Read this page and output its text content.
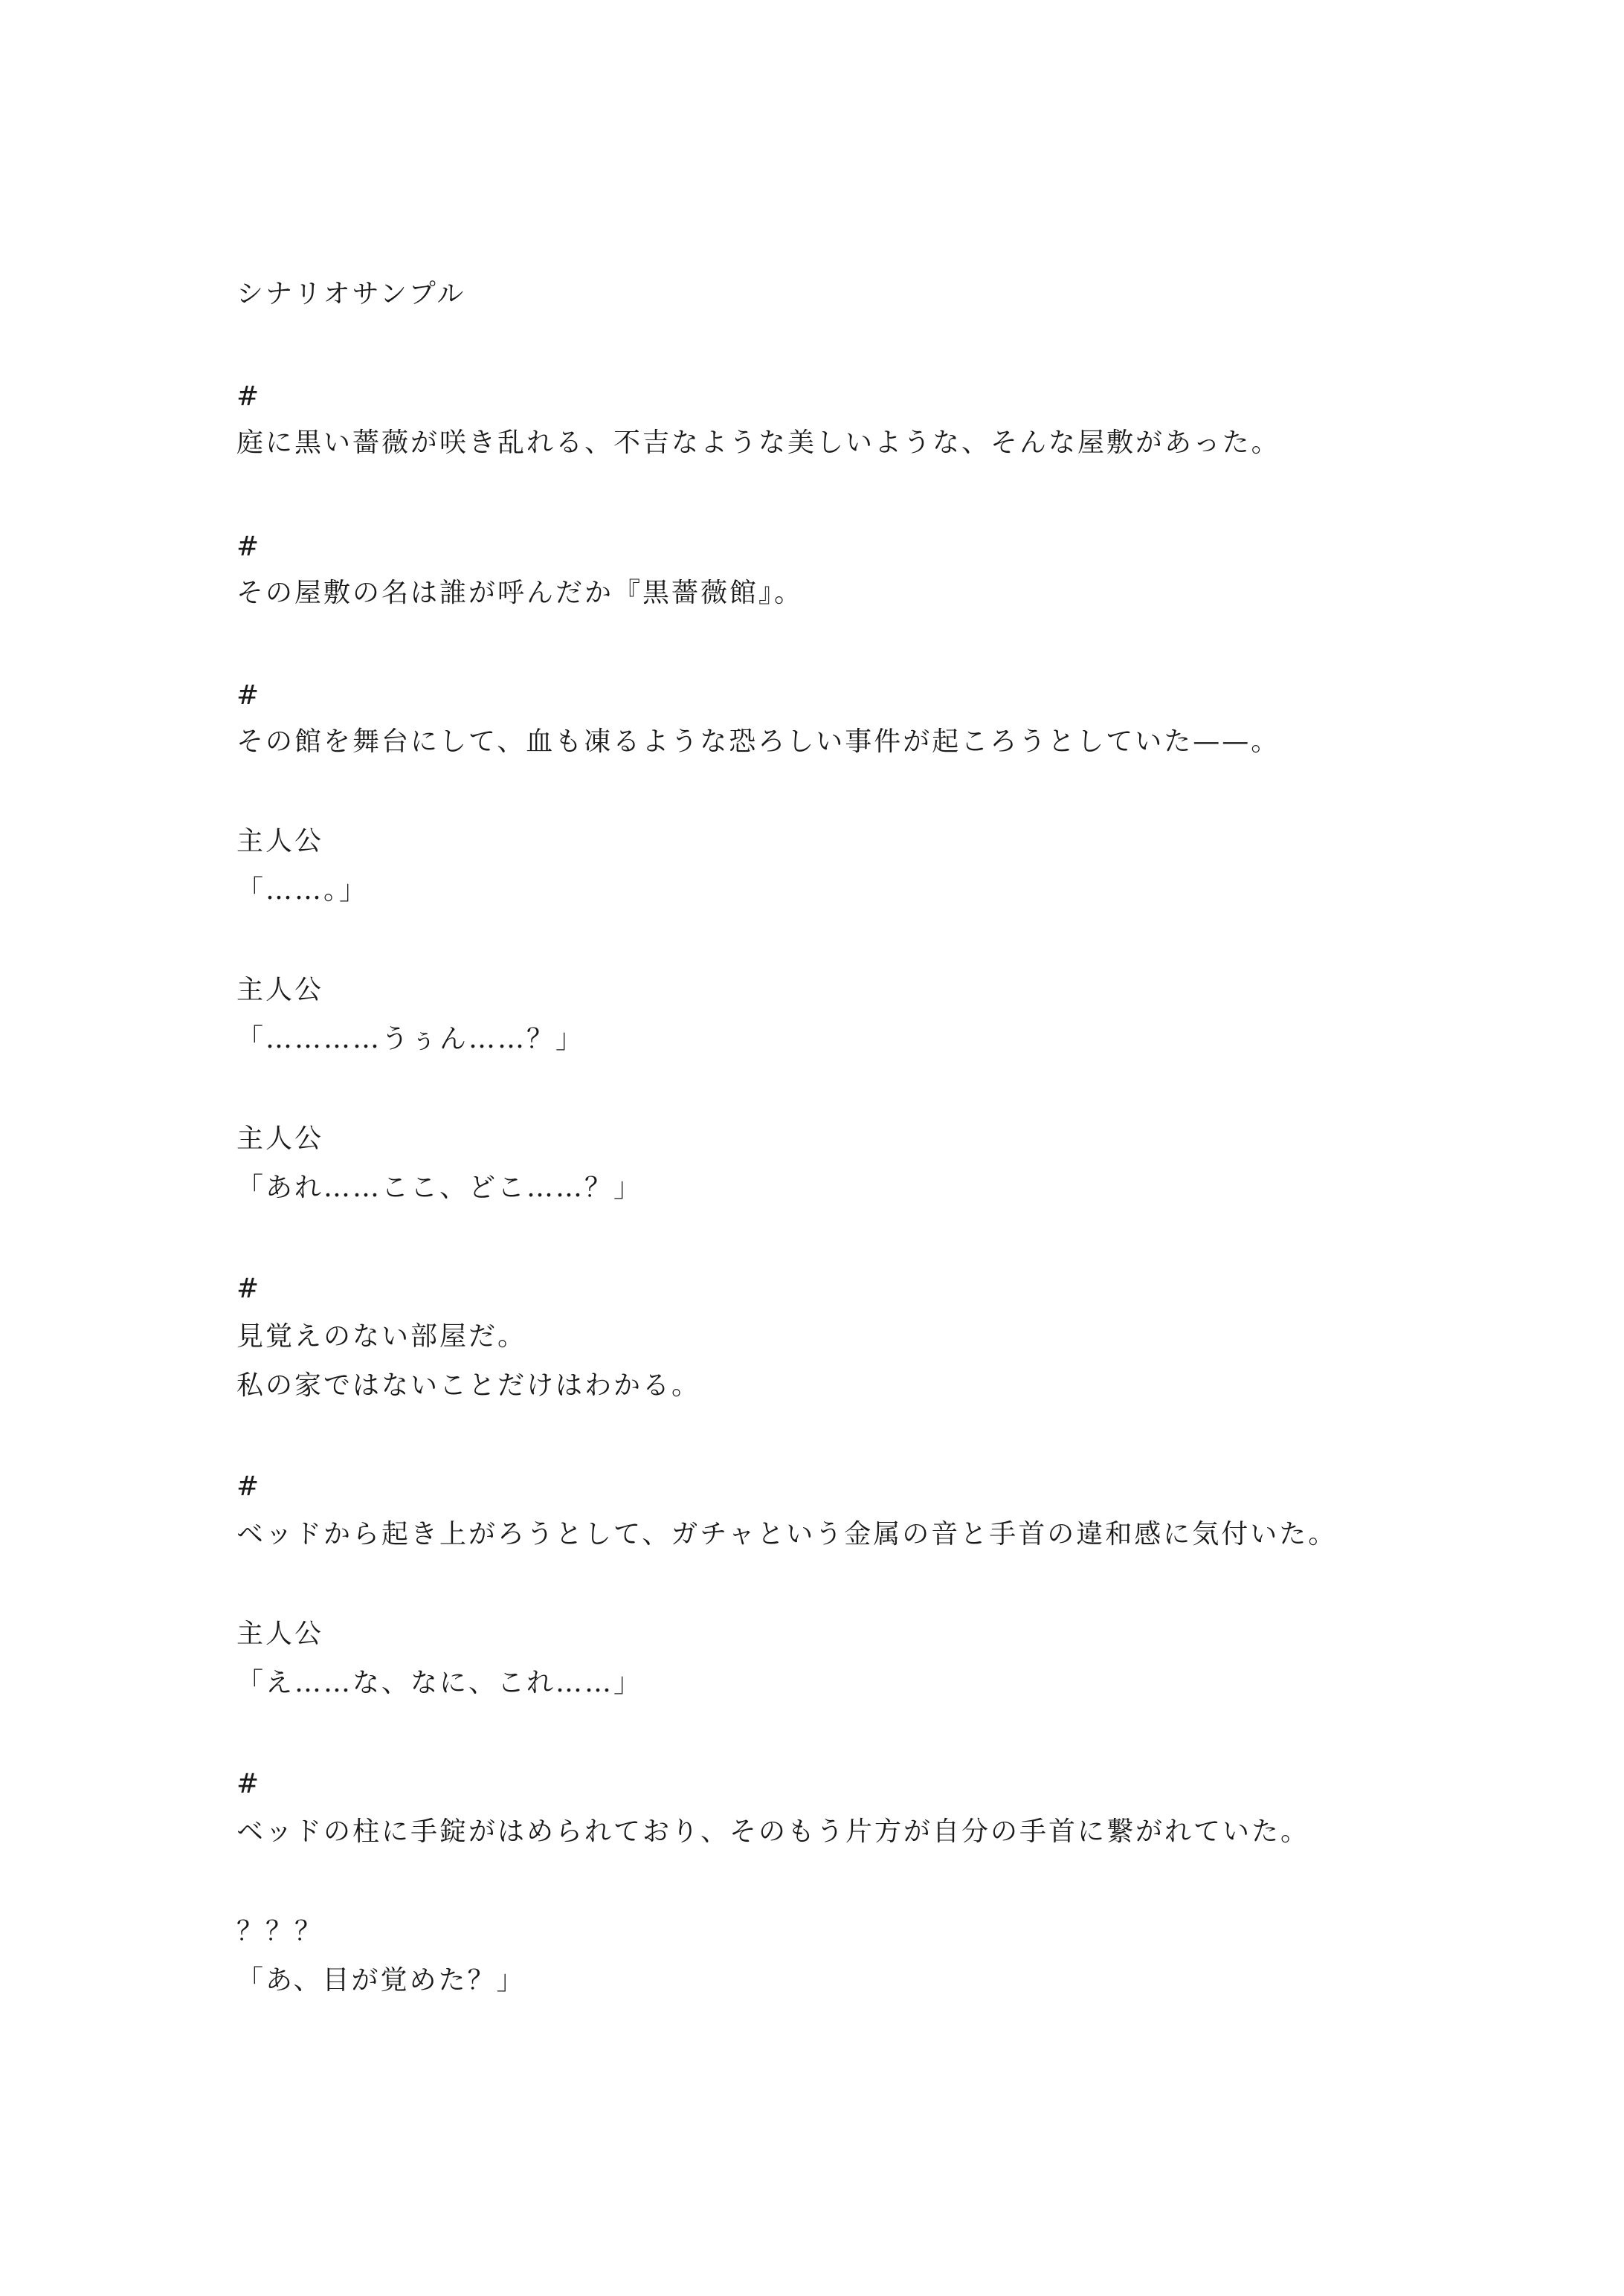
シナリオサンプル
#
庭に黒い薔薇が咲き乱れる、不吉なような美しいような、そんな屋敷があった。
#
その屋敷の名は誰が呼んだか『黒薔薇館』。
#
その館を舞台にして、血も凍るような恐ろしい事件が起ころうとしていた——。
主人公
「……。」
主人公
「…………うぅん……？」
主人公
「あれ……ここ、どこ……？」
#
見覚えのない部屋だ。
私の家ではないことだけはわかる。
#
ベッドから起き上がろうとして、ガチャという金属の音と手首の違和感に気付いた。
主人公
「え……な、なに、これ……」
#
ベッドの柱に手錠がはめられており、そのもう片方が自分の手首に繋がれていた。
？？？
「あ、目が覚めた？」
